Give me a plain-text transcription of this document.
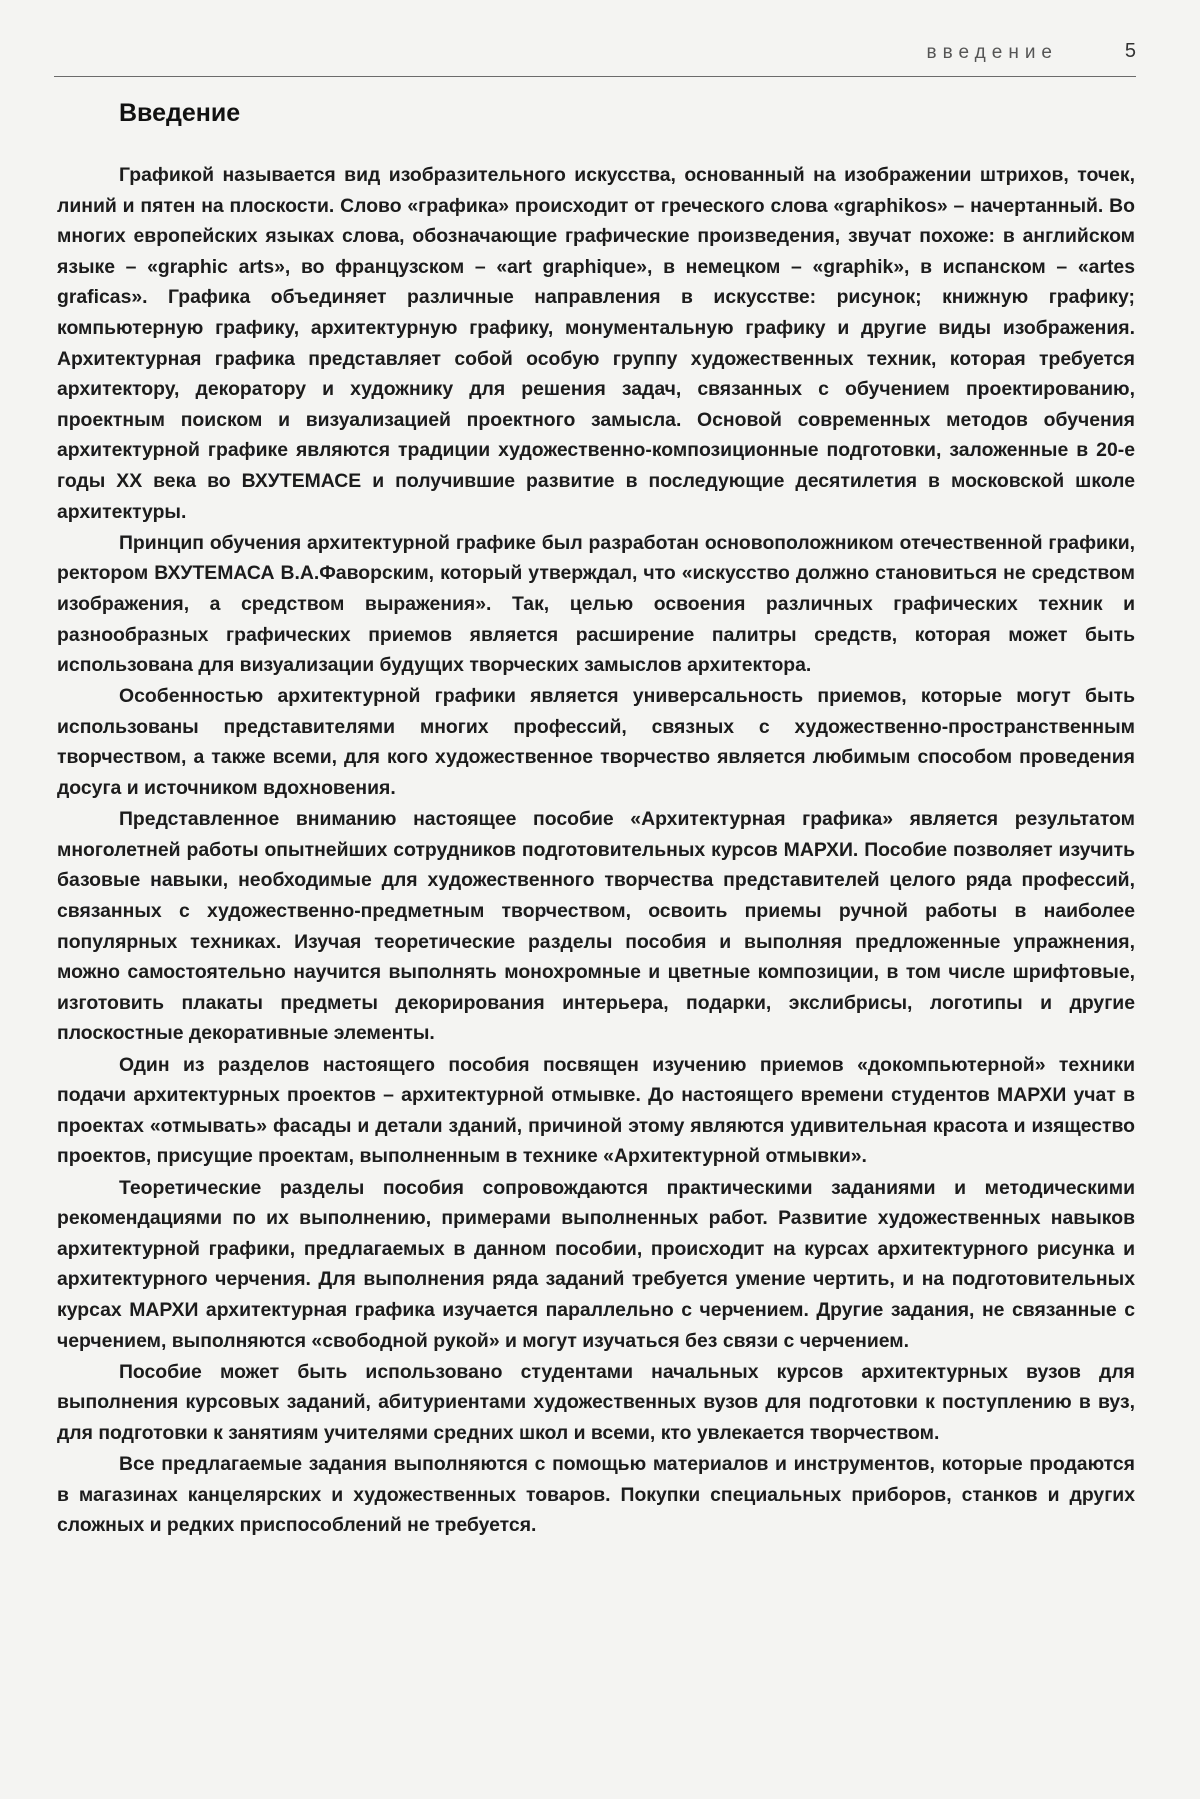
введение	5
Введение

Графикой называется вид изобразительного искусства, основанный на изображении штрихов, точек, линий и пятен на плоскости. Слово «графика» происходит от греческого слова «graphikos» – начертанный. Во многих европейских языках слова, обозначающие графические произведения, звучат похоже: в английском языке – «graphic arts», во французском – «art graphique», в немецком – «graphik», в испанском – «artes graficas». Графика объединяет различные направления в искусстве: рисунок; книжную графику; компьютерную графику, архитектурную графику, монументальную графику и другие виды изображения. Архитектурная графика представляет собой особую группу художественных техник, которая требуется архитектору, декоратору и художнику для решения задач, связанных с обучением проектированию, проектным поиском и визуализацией проектного замысла. Основой современных методов обучения архитектурной графике являются традиции художественно-композиционные подготовки, заложенные в 20-е годы XX века во ВХУТЕМАСЕ и получившие развитие в последующие десятилетия в московской школе архитектуры.

Принцип обучения архитектурной графике был разработан основоположником отечественной графики, ректором ВХУТЕМАСА В.А.Фаворским, который утверждал, что «искусство должно становиться не средством изображения, а средством выражения». Так, целью освоения различных графических техник и разнообразных графических приемов является расширение палитры средств, которая может быть использована для визуализации будущих творческих замыслов архитектора.

Особенностью архитектурной графики является универсальность приемов, которые могут быть использованы представителями многих профессий, связных с художественно-пространственным творчеством, а также всеми, для кого художественное творчество является любимым способом проведения досуга и источником вдохновения.

Представленное вниманию настоящее пособие «Архитектурная графика» является результатом многолетней работы опытнейших сотрудников подготовительных курсов МАРХИ. Пособие позволяет изучить базовые навыки, необходимые для художественного творчества представителей целого ряда профессий, связанных с художественно-предметным творчеством, освоить приемы ручной работы в наиболее популярных техниках. Изучая теоретические разделы пособия и выполняя предложенные упражнения, можно самостоятельно научится выполнять монохромные и цветные композиции, в том числе шрифтовые, изготовить плакаты предметы декорирования интерьера, подарки, экслибрисы, логотипы и другие плоскостные декоративные элементы.

Один из разделов настоящего пособия посвящен изучению приемов «докомпьютерной» техники подачи архитектурных проектов – архитектурной отмывке. До настоящего времени студентов МАРХИ учат в проектах «отмывать» фасады и детали зданий, причиной этому являются удивительная красота и изящество проектов, присущие проектам, выполненным в технике «Архитектурной отмывки».

Теоретические разделы пособия сопровождаются практическими заданиями и методическими рекомендациями по их выполнению, примерами выполненных работ. Развитие художественных навыков архитектурной графики, предлагаемых в данном пособии, происходит на курсах архитектурного рисунка и архитектурного черчения. Для выполнения ряда заданий требуется умение чертить, и на подготовительных курсах МАРХИ архитектурная графика изучается параллельно с черчением. Другие задания, не связанные с черчением, выполняются «свободной рукой» и могут изучаться без связи с черчением.

Пособие может быть использовано студентами начальных курсов архитектурных вузов для выполнения курсовых заданий, абитуриентами художественных вузов для подготовки к поступлению в вуз, для подготовки к занятиям учителями средних школ и всеми, кто увлекается творчеством.

Все предлагаемые задания выполняются с помощью материалов и инструментов, которые продаются в магазинах канцелярских и художественных товаров. Покупки специальных приборов, станков и других сложных и редких приспособлений не требуется.
